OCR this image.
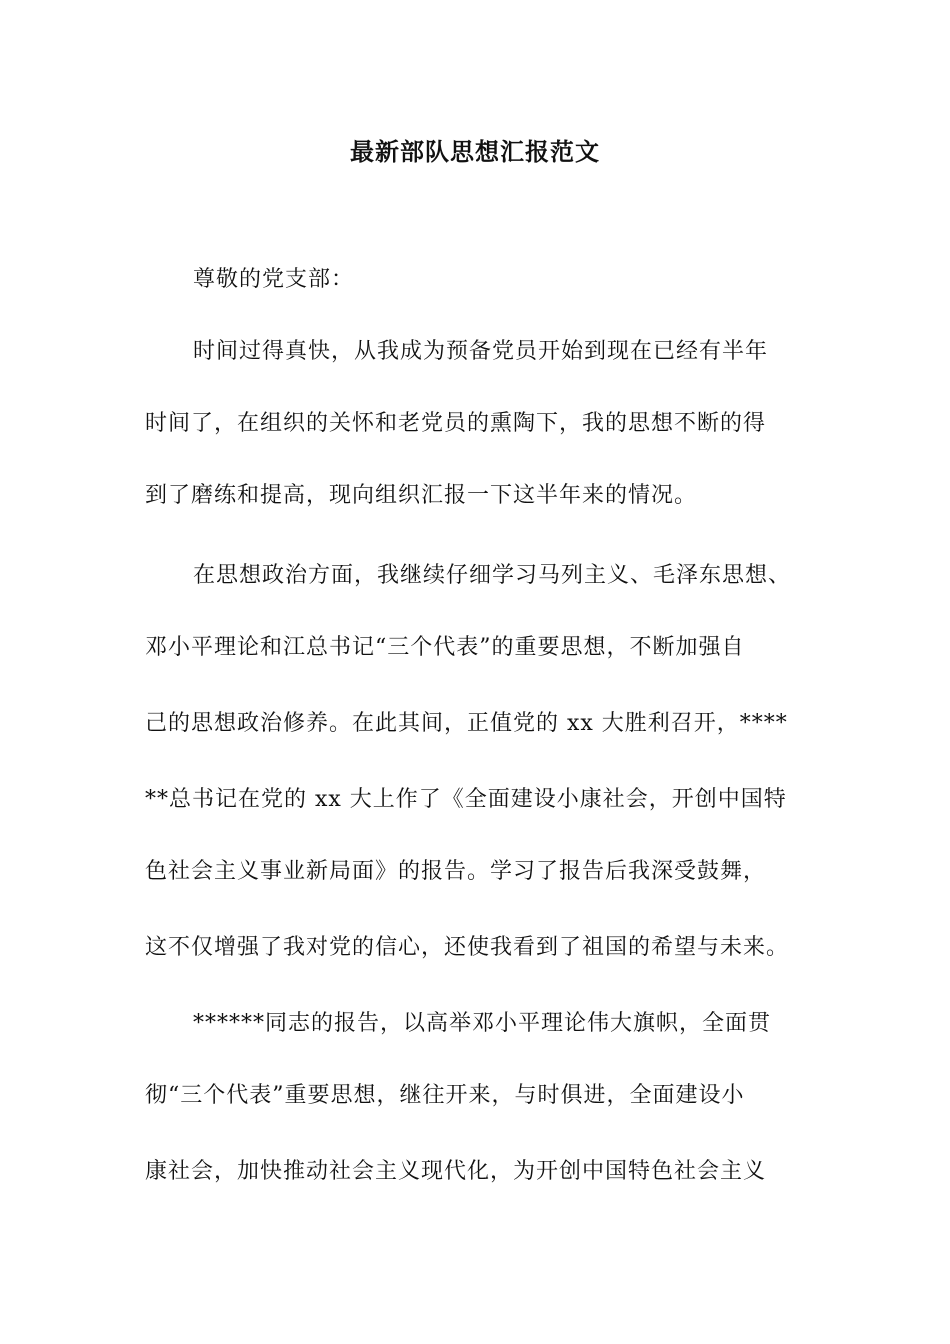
最新部队思想汇报范文
尊敬的党支部：
时间过得真快，从我成为预备党员开始到现在已经有半年
时间了，在组织的关怀和老党员的熏陶下，我的思想不断的得
到了磨练和提高，现向组织汇报一下这半年来的情况。
在思想政治方面，我继续仔细学习马列主义、毛泽东思想、
邓小平理论和江总书记“三个代表”的重要思想，不断加强自
己的思想政治修养。在此其间，正值党的 xx 大胜利召开，****
**总书记在党的 xx 大上作了《全面建设小康社会，开创中国特
色社会主义事业新局面》的报告。学习了报告后我深受鼓舞，
这不仅增强了我对党的信心，还使我看到了祖国的希望与未来。
******同志的报告，以高举邓小平理论伟大旗帜，全面贯
彻“三个代表”重要思想，继往开来，与时俱进，全面建设小
康社会，加快推动社会主义现代化，为开创中国特色社会主义
